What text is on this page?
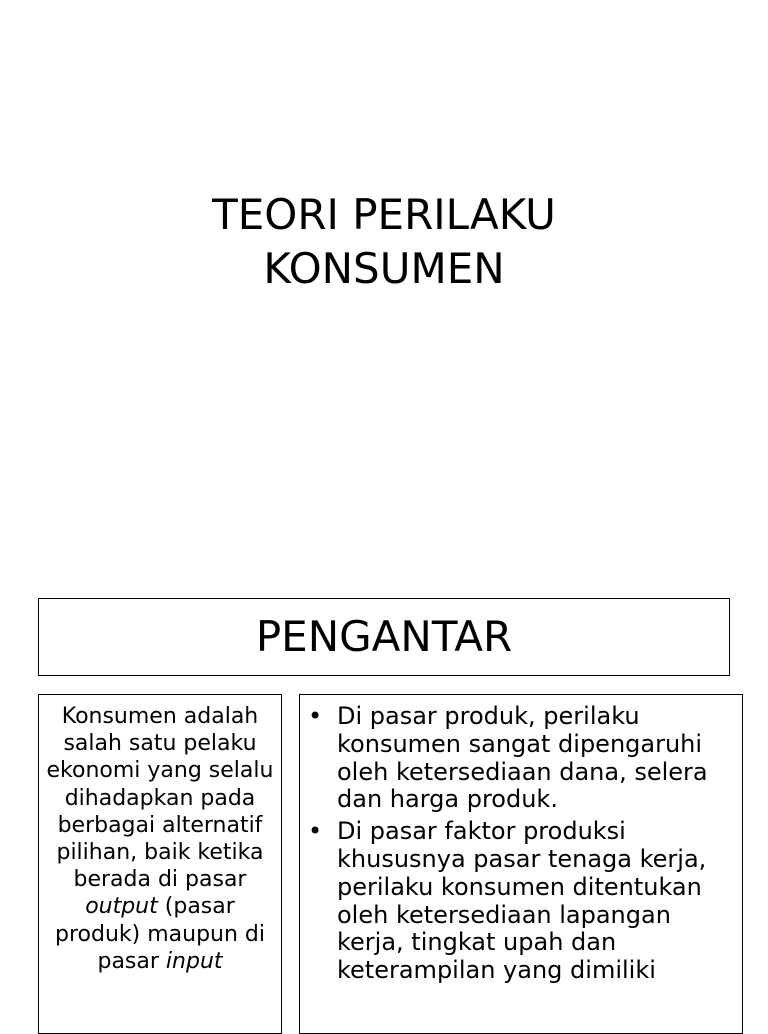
TEORI PERILAKU
KONSUMEN
PENGANTAR
Konsumen adalah salah satu pelaku ekonomi yang selalu dihadapkan pada berbagai alternatif pilihan, baik ketika berada di pasar output (pasar produk) maupun di pasar input
• Di pasar produk, perilaku konsumen sangat dipengaruhi oleh ketersediaan dana, selera dan harga produk.
• Di pasar faktor produksi khususnya pasar tenaga kerja, perilaku konsumen ditentukan oleh ketersediaan lapangan kerja, tingkat upah dan keterampilan yang dimiliki
